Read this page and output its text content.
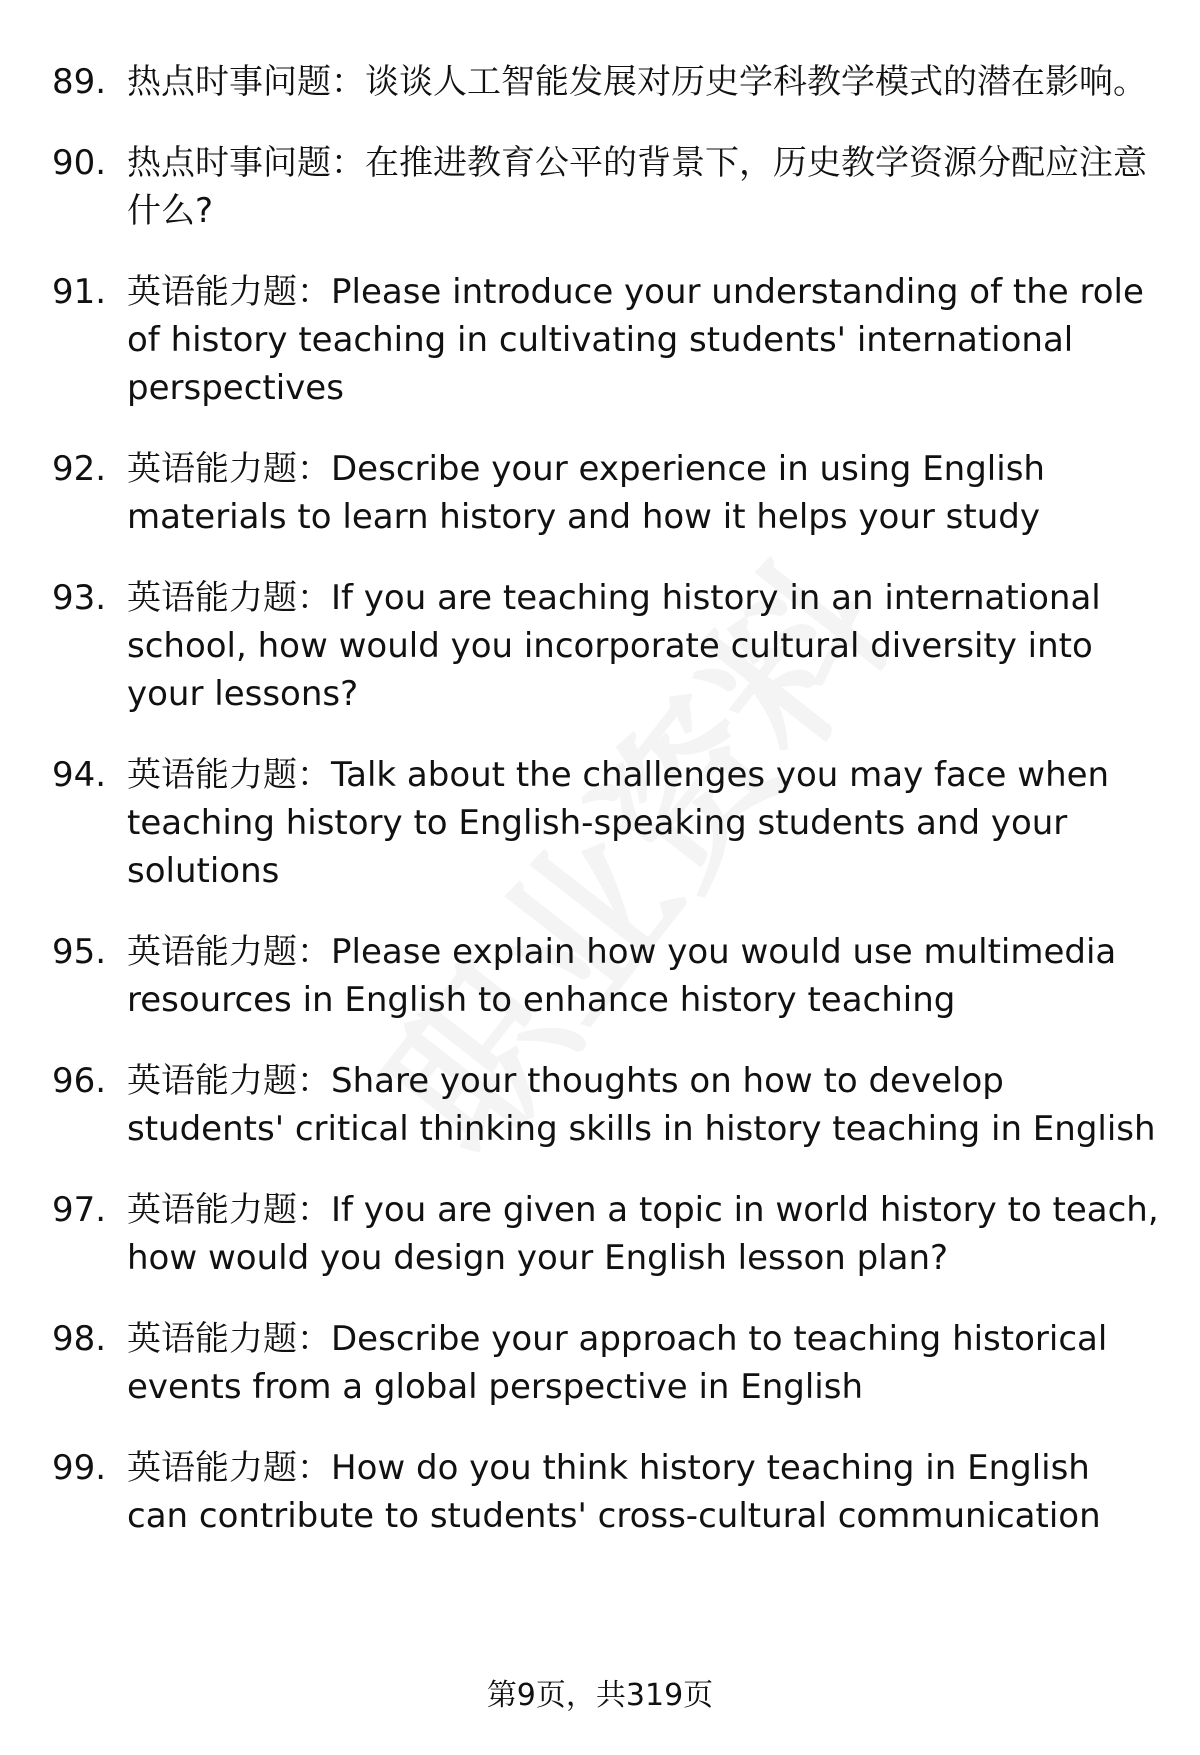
89. 热点时事问题：谈谈人工智能发展对历史学科教学模式的潜在影响。
90. 热点时事问题：在推进教育公平的背景下，历史教学资源分配应注意什么?
91. 英语能力题：Please introduce your understanding of the role of history teaching in cultivating students' international perspectives
92. 英语能力题：Describe your experience in using English materials to learn history and how it helps your study
93. 英语能力题：If you are teaching history in an international school, how would you incorporate cultural diversity into your lessons?
94. 英语能力题：Talk about the challenges you may face when teaching history to English-speaking students and your solutions
95. 英语能力题：Please explain how you would use multimedia resources in English to enhance history teaching
96. 英语能力题：Share your thoughts on how to develop students' critical thinking skills in history teaching in English
97. 英语能力题：If you are given a topic in world history to teach, how would you design your English lesson plan?
98. 英语能力题：Describe your approach to teaching historical events from a global perspective in English
99. 英语能力题：How do you think history teaching in English can contribute to students' cross-cultural communication
第9页，共319页
